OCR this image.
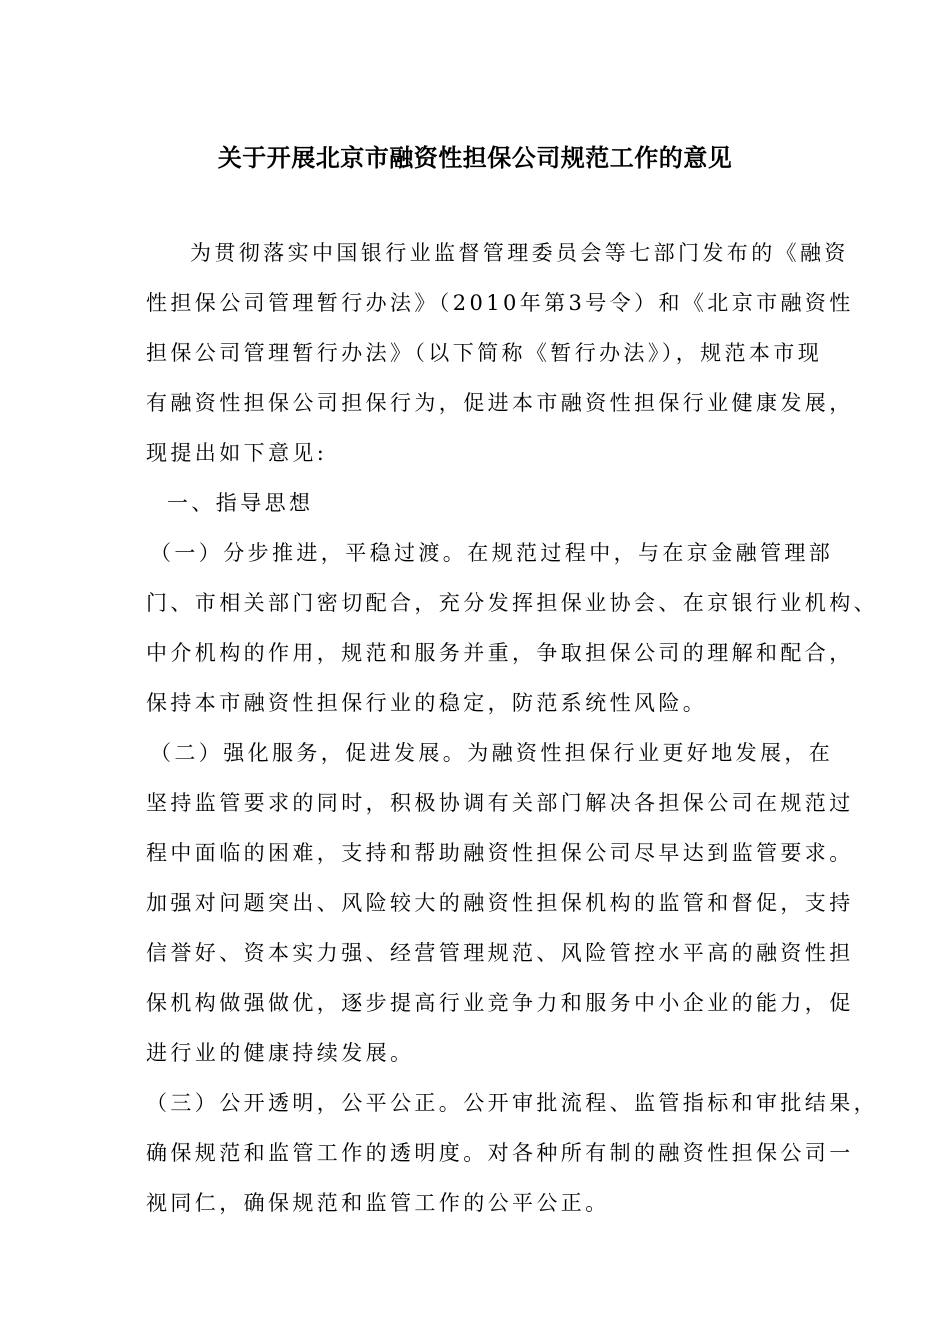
关于开展北京市融资性担保公司规范工作的意见
为贯彻落实中国银行业监督管理委员会等七部门发布的《融资
性担保公司管理暂行办法》（2010年第3号令）和《北京市融资性
担保公司管理暂行办法》（以下简称《暂行办法》），规范本市现
有融资性担保公司担保行为，促进本市融资性担保行业健康发展，
现提出如下意见:
一、指导思想
（一）分步推进，平稳过渡。在规范过程中，与在京金融管理部
门、市相关部门密切配合，充分发挥担保业协会、在京银行业机构、
中介机构的作用，规范和服务并重，争取担保公司的理解和配合，
保持本市融资性担保行业的稳定，防范系统性风险。
（二）强化服务，促进发展。为融资性担保行业更好地发展，在
坚持监管要求的同时，积极协调有关部门解决各担保公司在规范过
程中面临的困难，支持和帮助融资性担保公司尽早达到监管要求。
加强对问题突出、风险较大的融资性担保机构的监管和督促，支持
信誉好、资本实力强、经营管理规范、风险管控水平高的融资性担
保机构做强做优，逐步提高行业竞争力和服务中小企业的能力，促
进行业的健康持续发展。
（三）公开透明，公平公正。公开审批流程、监管指标和审批结果，
确保规范和监管工作的透明度。对各种所有制的融资性担保公司一
视同仁，确保规范和监管工作的公平公正。
